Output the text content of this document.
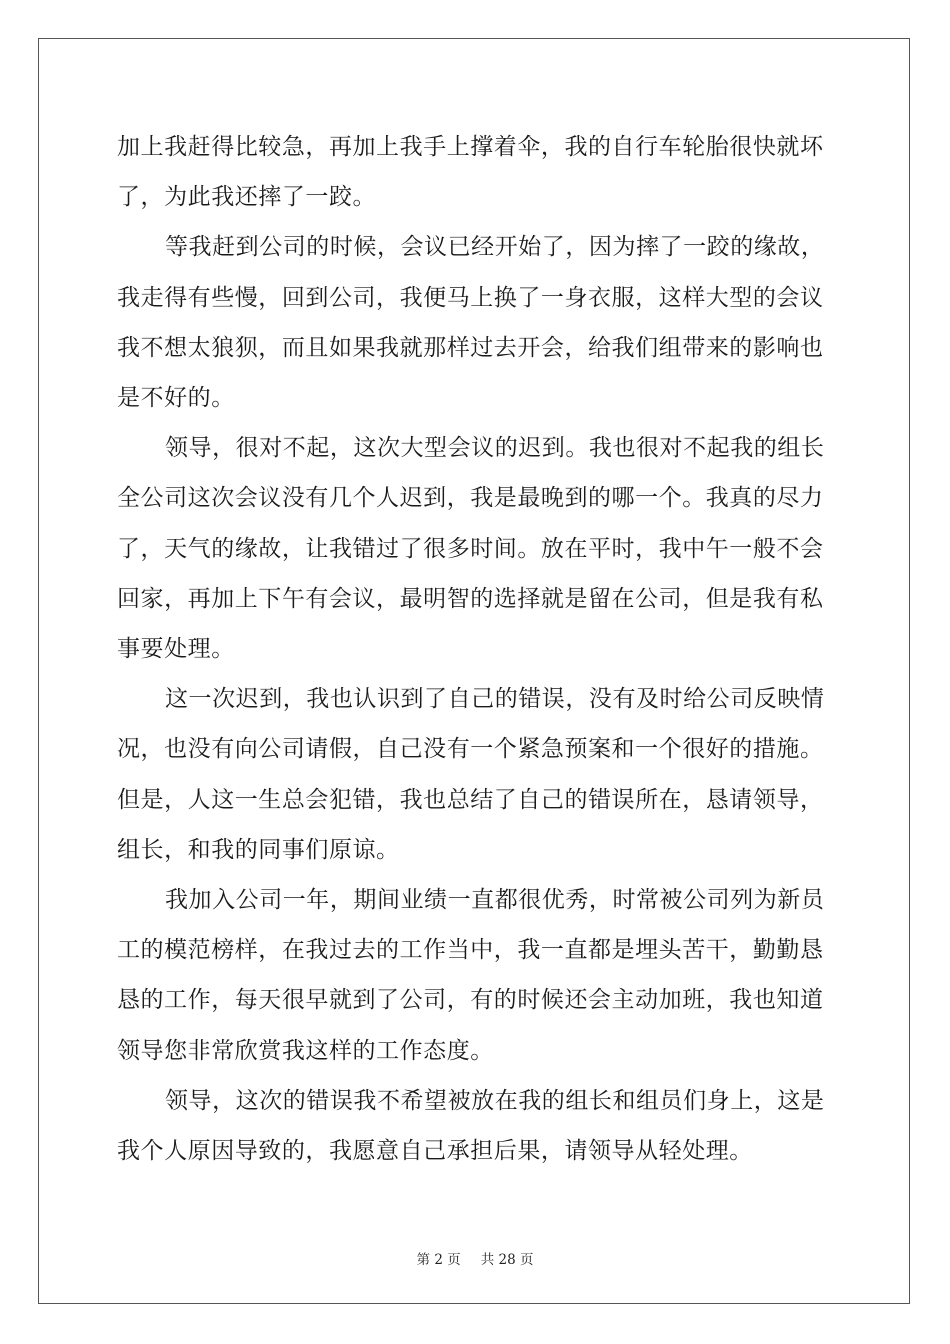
加上我赶得比较急，再加上我手上撑着伞，我的自行车轮胎很快就坏
了，为此我还摔了一跤。

等我赶到公司的时候，会议已经开始了，因为摔了一跤的缘故，
我走得有些慢，回到公司，我便马上换了一身衣服，这样大型的会议
我不想太狼狈，而且如果我就那样过去开会，给我们组带来的影响也
是不好的。

领导，很对不起，这次大型会议的迟到。我也很对不起我的组长
全公司这次会议没有几个人迟到，我是最晚到的哪一个。我真的尽力
了，天气的缘故，让我错过了很多时间。放在平时，我中午一般不会
回家，再加上下午有会议，最明智的选择就是留在公司，但是我有私
事要处理。

这一次迟到，我也认识到了自己的错误，没有及时给公司反映情
况，也没有向公司请假，自己没有一个紧急预案和一个很好的措施。
但是，人这一生总会犯错，我也总结了自己的错误所在，恳请领导，
组长，和我的同事们原谅。

我加入公司一年，期间业绩一直都很优秀，时常被公司列为新员
工的模范榜样，在我过去的工作当中，我一直都是埋头苦干，勤勤恳
恳的工作，每天很早就到了公司，有的时候还会主动加班，我也知道
领导您非常欣赏我这样的工作态度。

领导，这次的错误我不希望被放在我的组长和组员们身上，这是
我个人原因导致的，我愿意自己承担后果，请领导从轻处理。

第 2 页 共 28 页
